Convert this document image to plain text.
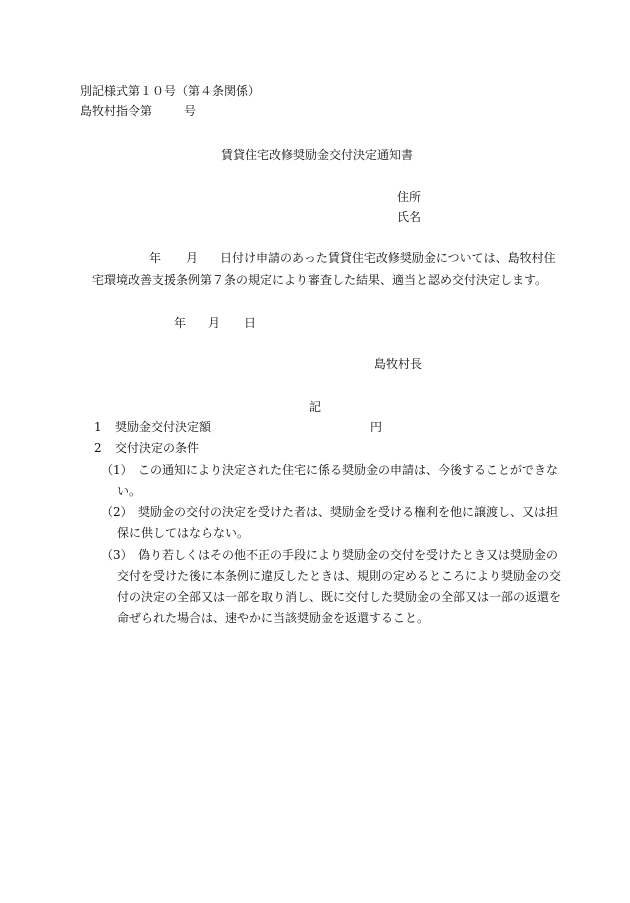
別記様式第１０号（第４条関係）
島牧村指令第	号
賃貸住宅改修奨励金交付決定通知書
住所
氏名
年 月 日付け申請のあった賃貸住宅改修奨励金については、島牧村住
宅環境改善支援条例第７条の規定により審査した結果、適当と認め交付決定します。
年 月 日
島牧村長
記
1 奨励金交付決定額	円
2 交付決定の条件
（1） この通知により決定された住宅に係る奨励金の申請は、今後することができな
い。
（2） 奨励金の交付の決定を受けた者は、奨励金を受ける権利を他に譲渡し、又は担
保に供してはならない。
（3） 偽り若しくはその他不正の手段により奨励金の交付を受けたとき又は奨励金の
交付を受けた後に本条例に違反したときは、規則の定めるところにより奨励金の交
付の決定の全部又は一部を取り消し、既に交付した奨励金の全部又は一部の返還を
命ぜられた場合は、速やかに当該奨励金を返還すること。
